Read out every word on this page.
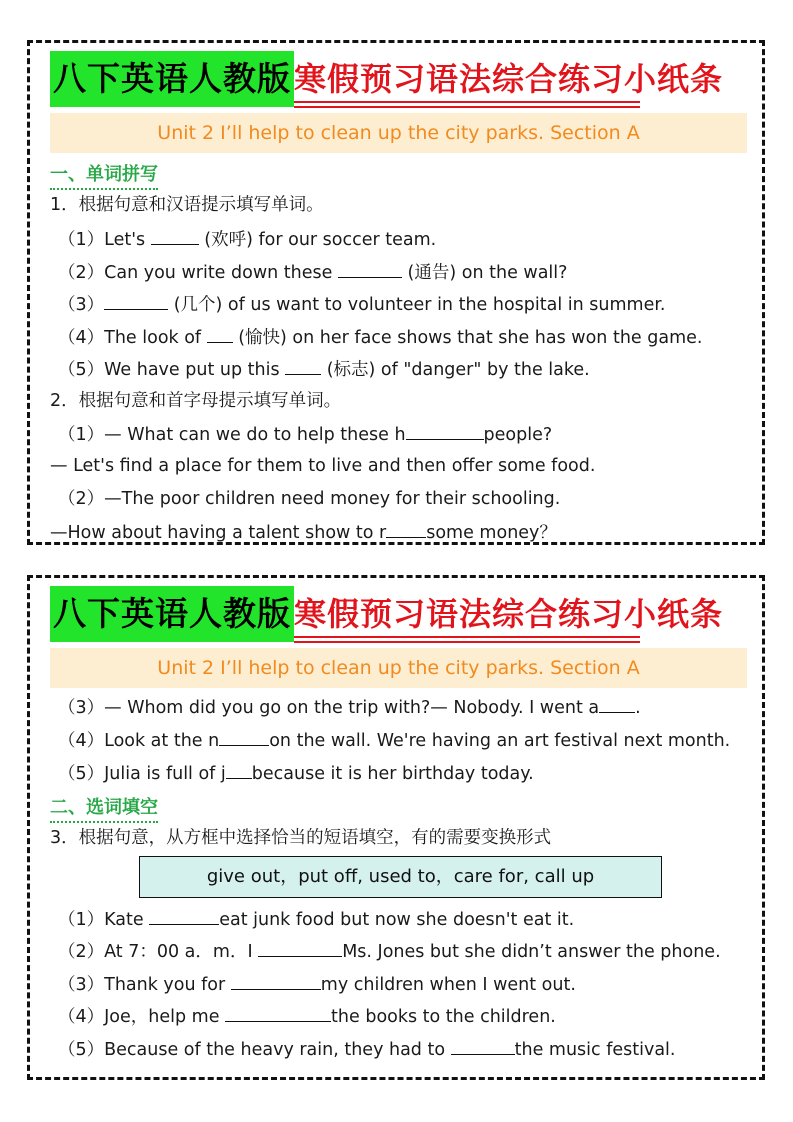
八下英语人教版 寒假预习语法综合练习小纸条
Unit 2 I’ll help to clean up the city parks. Section A
一、单词拼写
1．根据句意和汉语提示填写单词。
（1）Let's	(欢呼) for our soccer team.
（2）Can you write down these	(通告) on the wall?
（3）	(几个) of us want to volunteer in the hospital in summer.
（4）The look of  (愉快) on her face shows that she has won the game.
（5）We have put up this  (标志) of "danger" by the lake.
2．根据句意和首字母提示填写单词。
（1）— What can we do to help these h	people?
— Let's find a place for them to live and then offer some food.
（2）—The poor children need money for their schooling.
—How about having a talent show to r some money？
八下英语人教版 寒假预习语法综合练习小纸条
Unit 2 I’ll help to clean up the city parks. Section A
（3）— Whom did you go on the trip with?— Nobody. I went a .
（4）Look at the n	on the wall. We're having an art festival next month.
（5）Julia is full of j because it is her birthday today.
二、选词填空
3．根据句意，从方框中选择恰当的短语填空，有的需要变换形式
give out，put off, used to，care for, call up
（1）Kate	eat junk food but now she doesn't eat it.
（2）At 7：00 a．m．I	Ms. Jones but she didn’t answer the phone.
（3）Thank you for	my children when I went out.
（4）Joe，help me	the books to the children.
（5）Because of the heavy rain, they had to	the music festival.
